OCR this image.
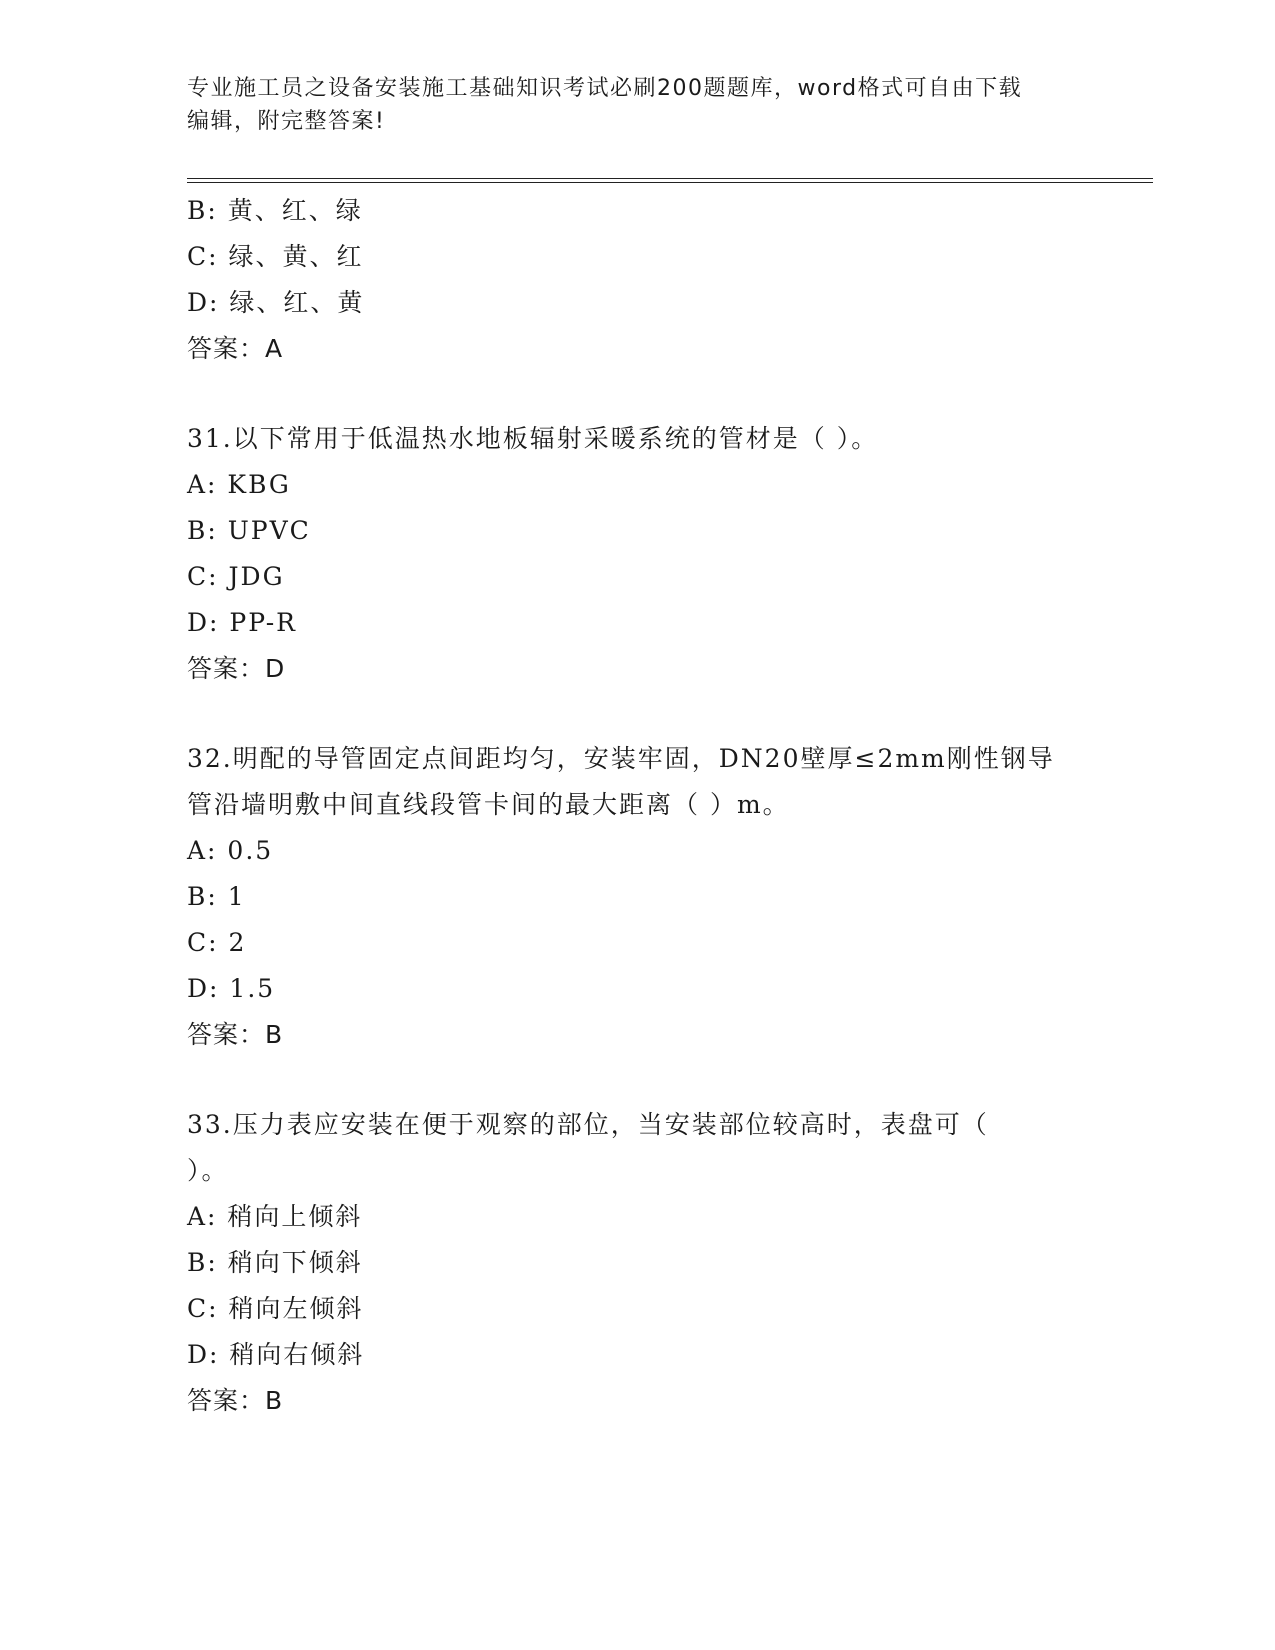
专业施工员之设备安装施工基础知识考试必刷200题题库，word格式可自由下载
编辑，附完整答案!
B: 黄、红、绿
C: 绿、黄、红
D: 绿、红、黄
答案：A
31.以下常用于低温热水地板辐射采暖系统的管材是（ ）。
A: KBG
B: UPVC
C: JDG
D: PP-R
答案：D
32.明配的导管固定点间距均匀，安装牢固，DN20壁厚≤2mm刚性钢导
管沿墙明敷中间直线段管卡间的最大距离（ ）m。
A: 0.5
B: 1
C: 2
D: 1.5
答案：B
33.压力表应安装在便于观察的部位，当安装部位较高时，表盘可（
）。
A: 稍向上倾斜
B: 稍向下倾斜
C: 稍向左倾斜
D: 稍向右倾斜
答案：B
